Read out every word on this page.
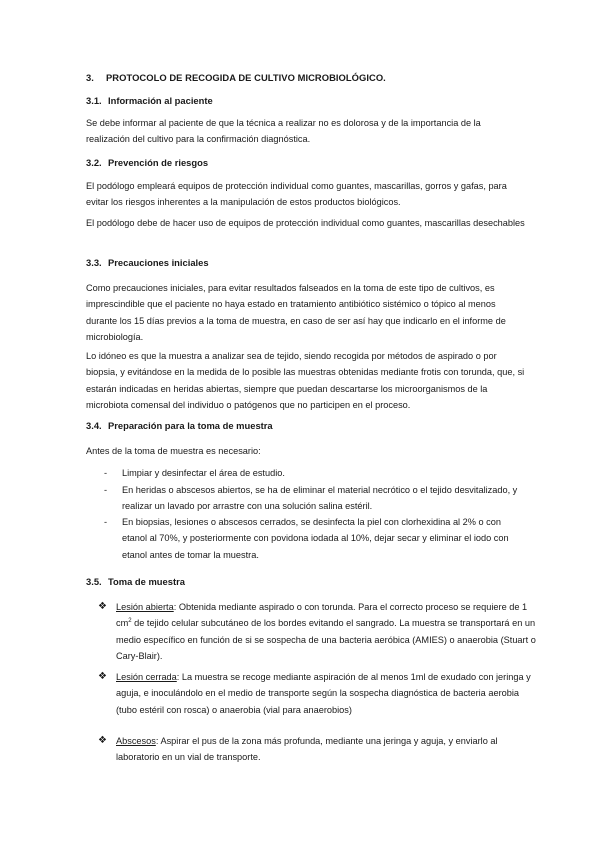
3. PROTOCOLO DE RECOGIDA DE CULTIVO MICROBIOLÓGICO.
3.1. Información al paciente
Se debe informar al paciente de que la técnica a realizar no es dolorosa y de la importancia de la realización del cultivo para la confirmación diagnóstica.
3.2. Prevención de riesgos
El podólogo empleará equipos de protección individual como guantes, mascarillas, gorros y gafas, para evitar los riesgos inherentes a la manipulación de estos productos biológicos.
El podólogo debe de hacer uso de equipos de protección individual como guantes, mascarillas desechables
3.3. Precauciones iniciales
Como precauciones iniciales, para evitar resultados falseados en la toma de este tipo de cultivos, es imprescindible que el paciente no haya estado en tratamiento antibiótico sistémico o tópico al menos durante los 15 días previos a la toma de muestra, en caso de ser así hay que indicarlo en el informe de microbiología.
Lo idóneo es que la muestra a analizar sea de tejido, siendo recogida por métodos de aspirado o por biopsia, y evitándose en la medida de lo posible las muestras obtenidas mediante frotis con torunda, que, si estarán indicadas en heridas abiertas, siempre que puedan descartarse los microorganismos de la microbiota comensal del individuo o patógenos que no participen en el proceso.
3.4. Preparación para la toma de muestra
Antes de la toma de muestra es necesario:
- Limpiar y desinfectar el área de estudio.
- En heridas o abscesos abiertos, se ha de eliminar el material necrótico o el tejido desvitalizado, y realizar un lavado por arrastre con una solución salina estéril.
- En biopsias, lesiones o abscesos cerrados, se desinfecta la piel con clorhexidina al 2% o con etanol al 70%, y posteriormente con povidona iodada al 10%, dejar secar y eliminar el iodo con etanol antes de tomar la muestra.
3.5. Toma de muestra
❖ Lesión abierta: Obtenida mediante aspirado o con torunda. Para el correcto proceso se requiere de 1 $cm^2$ de tejido celular subcutáneo de los bordes evitando el sangrado. La muestra se transportará en un medio específico en función de si se sospecha de una bacteria aeróbica (AMIES) o anaerobia (Stuart o Cary-Blair).
❖ Lesión cerrada: La muestra se recoge mediante aspiración de al menos 1ml de exudado con jeringa y aguja, e inoculándolo en el medio de transporte según la sospecha diagnóstica de bacteria aerobia (tubo estéril con rosca) o anaerobia (vial para anaerobios)
❖ Abscesos: Aspirar el pus de la zona más profunda, mediante una jeringa y aguja, y enviarlo al laboratorio en un vial de transporte.
